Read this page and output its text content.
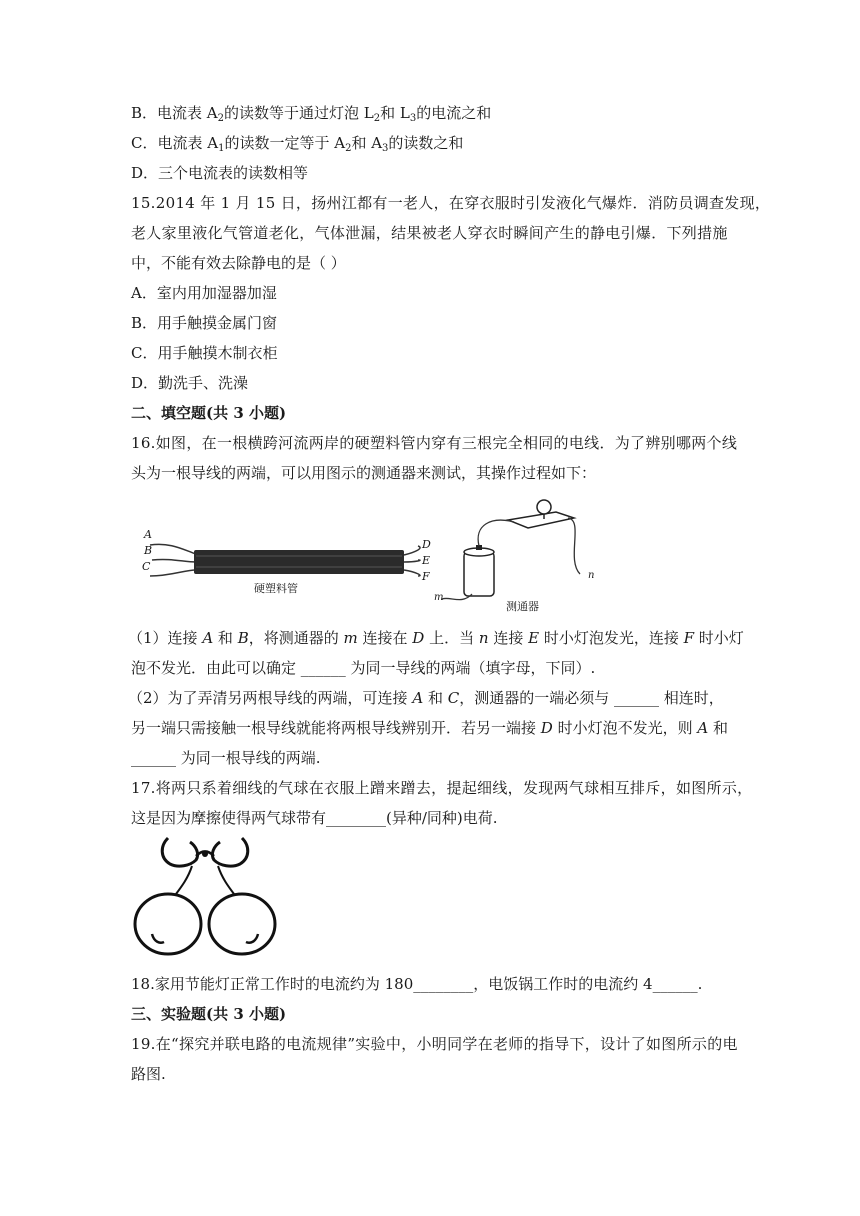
B．电流表 $A_2$的读数等于通过灯泡 $L_2$和 $L_3$的电流之和
C．电流表 $A_1$的读数一定等于 $A_2$和 $A_3$的读数之和
D．三个电流表的读数相等
15.2014 年 1 月 15 日，扬州江都有一老人，在穿衣服时引发液化气爆炸．消防员调查发现，
老人家里液化气管道老化，气体泄漏，结果被老人穿衣时瞬间产生的静电引爆．下列措施
中，不能有效去除静电的是（ ）
A．室内用加湿器加湿
B．用手触摸金属门窗
C．用手触摸木制衣柜
D．勤洗手、洗澡
二、填空题(共 3 小题)
16.如图，在一根横跨河流两岸的硬塑料管内穿有三根完全相同的电线．为了辨别哪两个线
头为一根导线的两端，可以用图示的测通器来测试，其操作过程如下：
A
B
C
D
E
F
硬塑料管
m
n
测通器
（1）连接 A 和 B，将测通器的 m 连接在 D 上．当 n 连接 E 时小灯泡发光，连接 F 时小灯
泡不发光．由此可以确定 ______ 为同一导线的两端（填字母，下同）.
（2）为了弄清另两根导线的两端，可连接 A 和 C，测通器的一端必须与 ______ 相连时，
另一端只需接触一根导线就能将两根导线辨别开．若另一端接 D 时小灯泡不发光，则 A 和
______ 为同一根导线的两端.
17.将两只系着细线的气球在衣服上蹭来蹭去，提起细线，发现两气球相互排斥，如图所示，
这是因为摩擦使得两气球带有________(异种/同种)电荷.
18.家用节能灯正常工作时的电流约为 180________，电饭锅工作时的电流约 4______.
三、实验题(共 3 小题)
19.在“探究并联电路的电流规律”实验中，小明同学在老师的指导下，设计了如图所示的电
路图.
